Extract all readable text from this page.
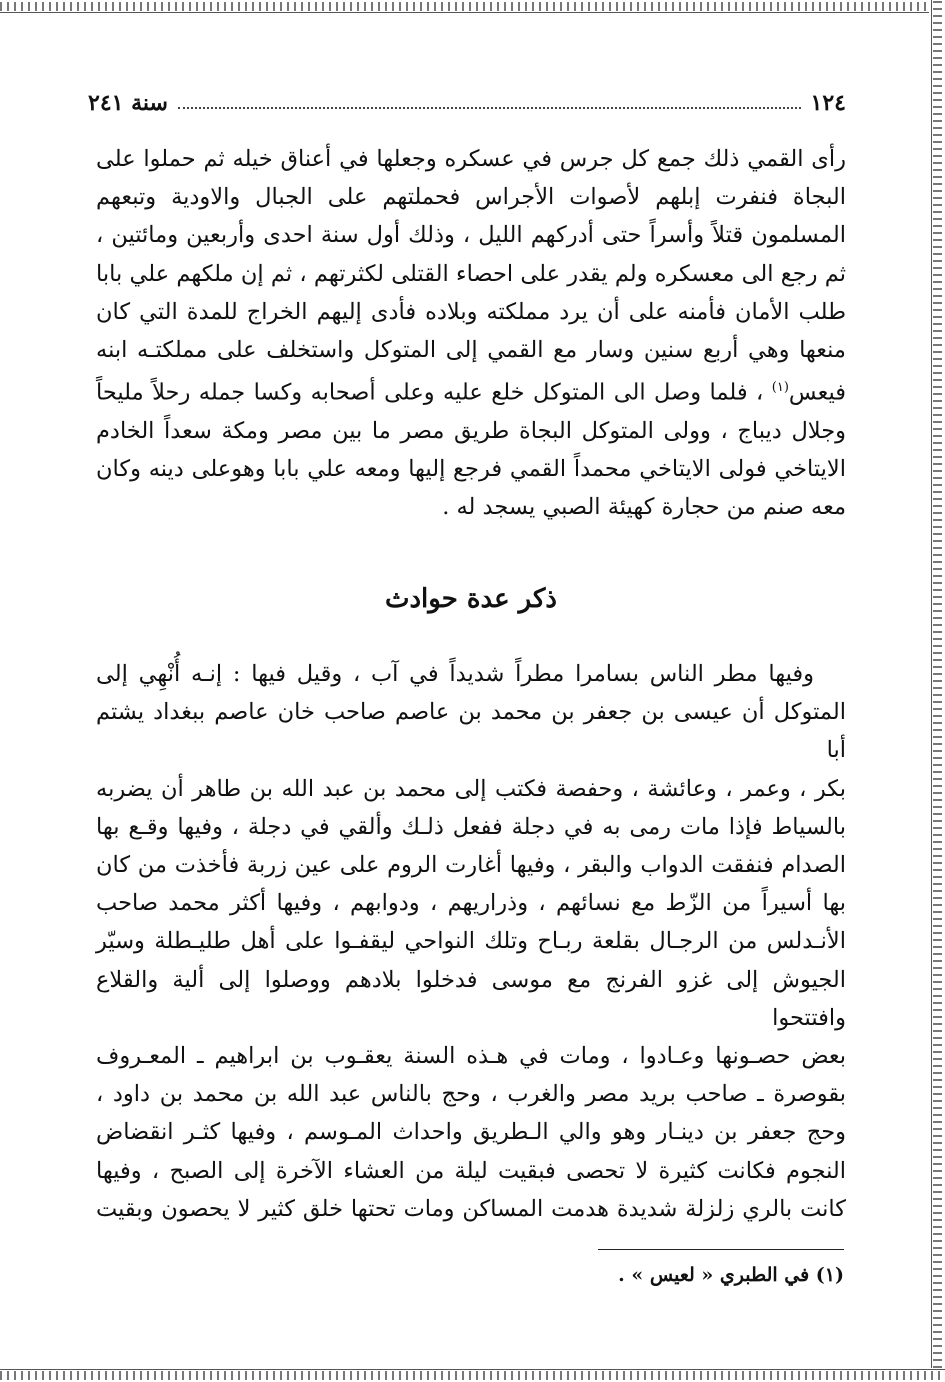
١٢٤
سنة ٢٤١

رأى القمي ذلك جمع كل جرس في عسكره وجعلها في أعناق خيله ثم حملوا على

البجاة فنفرت إبلهم لأصوات الأجراس فحملتهم على الجبال والاودية وتبعهم

المسلمون قتلاً وأسراً حتى أدركهم الليل ، وذلك أول سنة احدى وأربعين ومائتين ،

ثم رجع الى معسكره ولم يقدر على احصاء القتلى لكثرتهم ، ثم إن ملكهم علي بابا

طلب الأمان فأمنه على أن يرد مملكته وبلاده فأدى إليهم الخراج للمدة التي كان

منعها وهي أربع سنين وسار مع القمي إلى المتوكل واستخلف على مملكتـه ابنه

فيعس$^{(١)}$ ، فلما وصل الى المتوكل خلع عليه وعلى أصحابه وكسا جمله رحلاً مليحاً

وجلال ديباج ، وولى المتوكل البجاة طريق مصر ما بين مصر ومكة سعداً الخادم

الايتاخي فولى الايتاخي محمداً القمي فرجع إليها ومعه علي بابا وهوعلى دينه وكان

معه صنم من حجارة كهيئة الصبي يسجد له .

ذكر عدة حوادث

وفيها مطر الناس بسامرا مطراً شديداً في آب ، وقيل فيها : إنـه أُنْهِي إلى

المتوكل أن عيسى بن جعفر بن محمد بن عاصم صاحب خان عاصم ببغداد يشتم أبا

بكر ، وعمر ، وعائشة ، وحفصة فكتب إلى محمد بن عبد الله بن طاهر أن يضربه

بالسياط فإذا مات رمى به في دجلة ففعل ذلـك وألقي في دجلة ، وفيها وقـع بها

الصدام فنفقت الدواب والبقر ، وفيها أغارت الروم على عين زربة فأخذت من كان

بها أسيراً من الزّط مع نسائهم ، وذراريهم ، ودوابهم ، وفيها أكثر محمد صاحب

الأنـدلس من الرجـال بقلعة ربـاح وتلك النواحي ليقفـوا على أهل طليـطلة وسيّر

الجيوش إلى غزو الفرنج مع موسى فدخلوا بلادهم ووصلوا إلى ألية والقلاع وافتتحوا

بعض حصـونها وعـادوا ، ومات في هـذه السنة يعقـوب بن ابراهيم ـ المعـروف

بقوصرة ـ صاحب بريد مصر والغرب ، وحج بالناس عبد الله بن محمد بن داود ،

وحج جعفر بن دينـار وهو والي الـطريق واحداث المـوسم ، وفيها كثـر انقضاض

النجوم فكانت كثيرة لا تحصى فبقيت ليلة من العشاء الآخرة إلى الصبح ، وفيها

كانت بالري زلزلة شديدة هدمت المساكن ومات تحتها خلق كثير لا يحصون وبقيت

(١) في الطبري « لعيس » .
